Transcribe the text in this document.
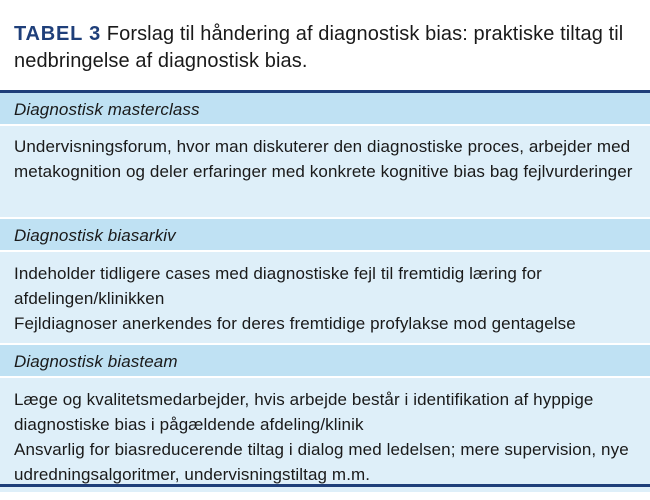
TABEL 3 Forslag til håndering af diagnostisk bias: praktiske tiltag til nedbringelse af diagnostisk bias.
Diagnostisk masterclass

Undervisningsforum, hvor man diskuterer den diagnostiske proces, arbejder med metakognition og deler erfaringer med konkrete kognitive bias bag fejlvurderinger

Diagnostisk biasarkiv

Indeholder tidligere cases med diagnostiske fejl til fremtidig læring for afdelingen/klinikken

Fejldiagnoser anerkendes for deres fremtidige profylakse mod gentagelse

Diagnostisk biasteam

Læge og kvalitetsmedarbejder, hvis arbejde består i identifikation af hyppige diagnostiske bias i pågældende afdeling/klinik

Ansvarlig for biasreducerende tiltag i dialog med ledelsen; mere supervision, nye udredningsalgoritmer, undervisningstiltag m.m.
